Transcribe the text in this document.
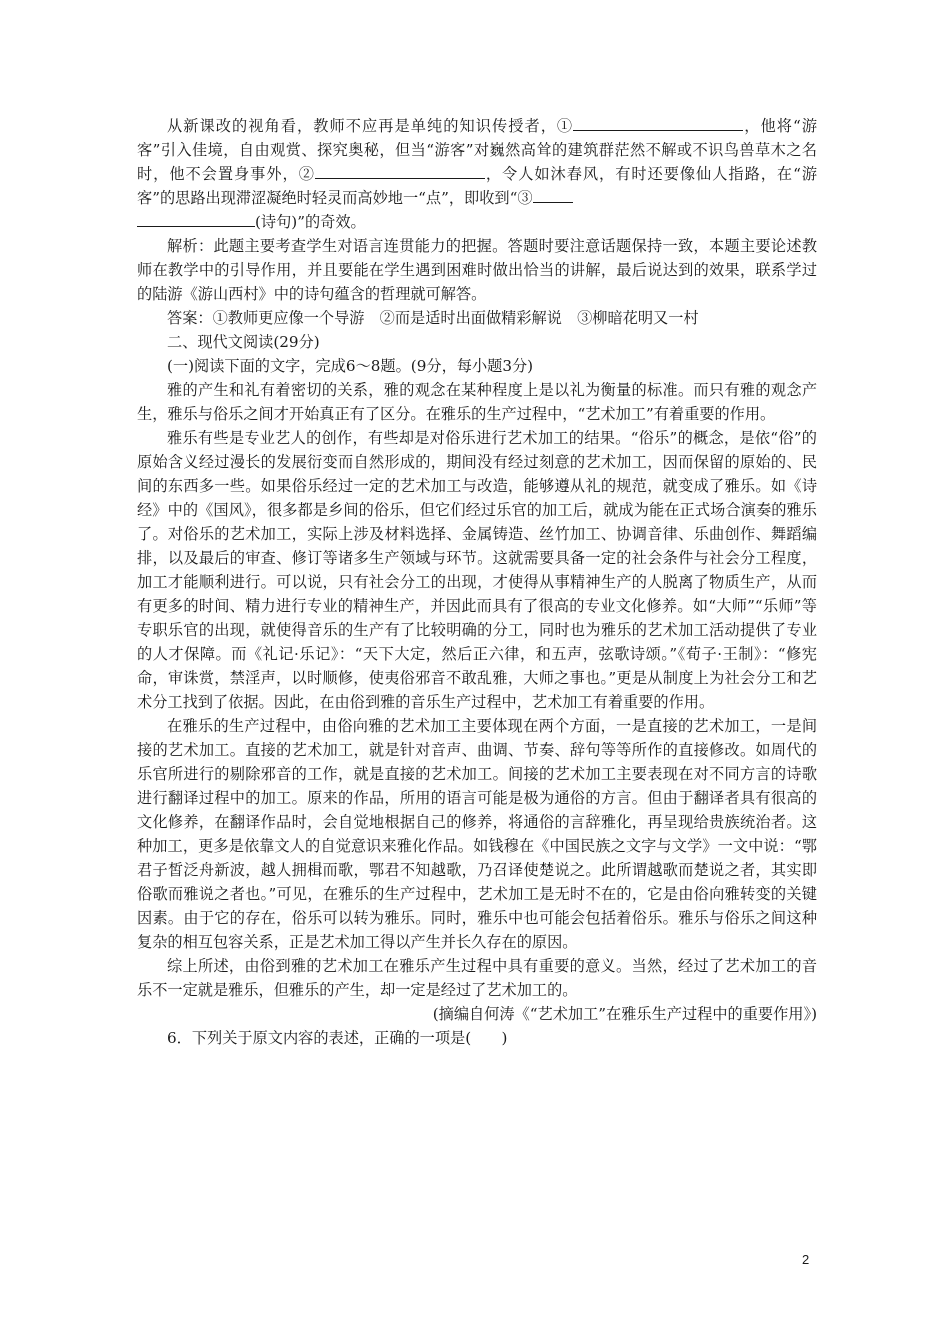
从新课改的视角看，教师不应再是单纯的知识传授者，①	，他将“游客”引入佳境，自由观赏、探究奥秘，但当“游客”对巍然高耸的建筑群茫然不解或不识鸟兽草木之名时，他不会置身事外，②	，令人如沐春风，有时还要像仙人指路，在“游客”的思路出现滞涩凝绝时轻灵而高妙地一“点”，即收到“③
(诗句)”的奇效。

解析：此题主要考查学生对语言连贯能力的把握。答题时要注意话题保持一致，本题主要论述教师在教学中的引导作用，并且要能在学生遇到困难时做出恰当的讲解，最后说达到的效果，联系学过的陆游《游山西村》中的诗句蕴含的哲理就可解答。

答案：①教师更应像一个导游　②而是适时出面做精彩解说　③柳暗花明又一村

二、现代文阅读(29分)

(一)阅读下面的文字，完成6～8题。(9分，每小题3分)

雅的产生和礼有着密切的关系，雅的观念在某种程度上是以礼为衡量的标准。而只有雅的观念产生，雅乐与俗乐之间才开始真正有了区分。在雅乐的生产过程中，“艺术加工”有着重要的作用。

雅乐有些是专业艺人的创作，有些却是对俗乐进行艺术加工的结果。“俗乐”的概念，是依“俗”的原始含义经过漫长的发展衍变而自然形成的，期间没有经过刻意的艺术加工，因而保留的原始的、民间的东西多一些。如果俗乐经过一定的艺术加工与改造，能够遵从礼的规范，就变成了雅乐。如《诗经》中的《国风》，很多都是乡间的俗乐，但它们经过乐官的加工后，就成为能在正式场合演奏的雅乐了。对俗乐的艺术加工，实际上涉及材料选择、金属铸造、丝竹加工、协调音律、乐曲创作、舞蹈编排，以及最后的审查、修订等诸多生产领域与环节。这就需要具备一定的社会条件与社会分工程度，加工才能顺利进行。可以说，只有社会分工的出现，才使得从事精神生产的人脱离了物质生产，从而有更多的时间、精力进行专业的精神生产，并因此而具有了很高的专业文化修养。如“大师”“乐师”等专职乐官的出现，就使得音乐的生产有了比较明确的分工，同时也为雅乐的艺术加工活动提供了专业的人才保障。而《礼记·乐记》：“天下大定，然后正六律，和五声，弦歌诗颂。”《荀子·王制》：“修宪命，审诛赏，禁淫声，以时顺修，使夷俗邪音不敢乱雅，大师之事也。”更是从制度上为社会分工和艺术分工找到了依据。因此，在由俗到雅的音乐生产过程中，艺术加工有着重要的作用。

在雅乐的生产过程中，由俗向雅的艺术加工主要体现在两个方面，一是直接的艺术加工，一是间接的艺术加工。直接的艺术加工，就是针对音声、曲调、节奏、辞句等等所作的直接修改。如周代的乐官所进行的剔除邪音的工作，就是直接的艺术加工。间接的艺术加工主要表现在对不同方言的诗歌进行翻译过程中的加工。原来的作品，所用的语言可能是极为通俗的方言。但由于翻译者具有很高的文化修养，在翻译作品时，会自觉地根据自己的修养，将通俗的言辞雅化，再呈现给贵族统治者。这种加工，更多是依靠文人的自觉意识来雅化作品。如钱穆在《中国民族之文字与文学》一文中说：“鄂君子皙泛舟新波，越人拥楫而歌，鄂君不知越歌，乃召译使楚说之。此所谓越歌而楚说之者，其实即俗歌而雅说之者也。”可见，在雅乐的生产过程中，艺术加工是无时不在的，它是由俗向雅转变的关键因素。由于它的存在，俗乐可以转为雅乐。同时，雅乐中也可能会包括着俗乐。雅乐与俗乐之间这种复杂的相互包容关系，正是艺术加工得以产生并长久存在的原因。

综上所述，由俗到雅的艺术加工在雅乐产生过程中具有重要的意义。当然，经过了艺术加工的音乐不一定就是雅乐，但雅乐的产生，却一定是经过了艺术加工的。

(摘编自何涛《“艺术加工”在雅乐生产过程中的重要作用》)

6．下列关于原文内容的表述，正确的一项是(　　)

2
